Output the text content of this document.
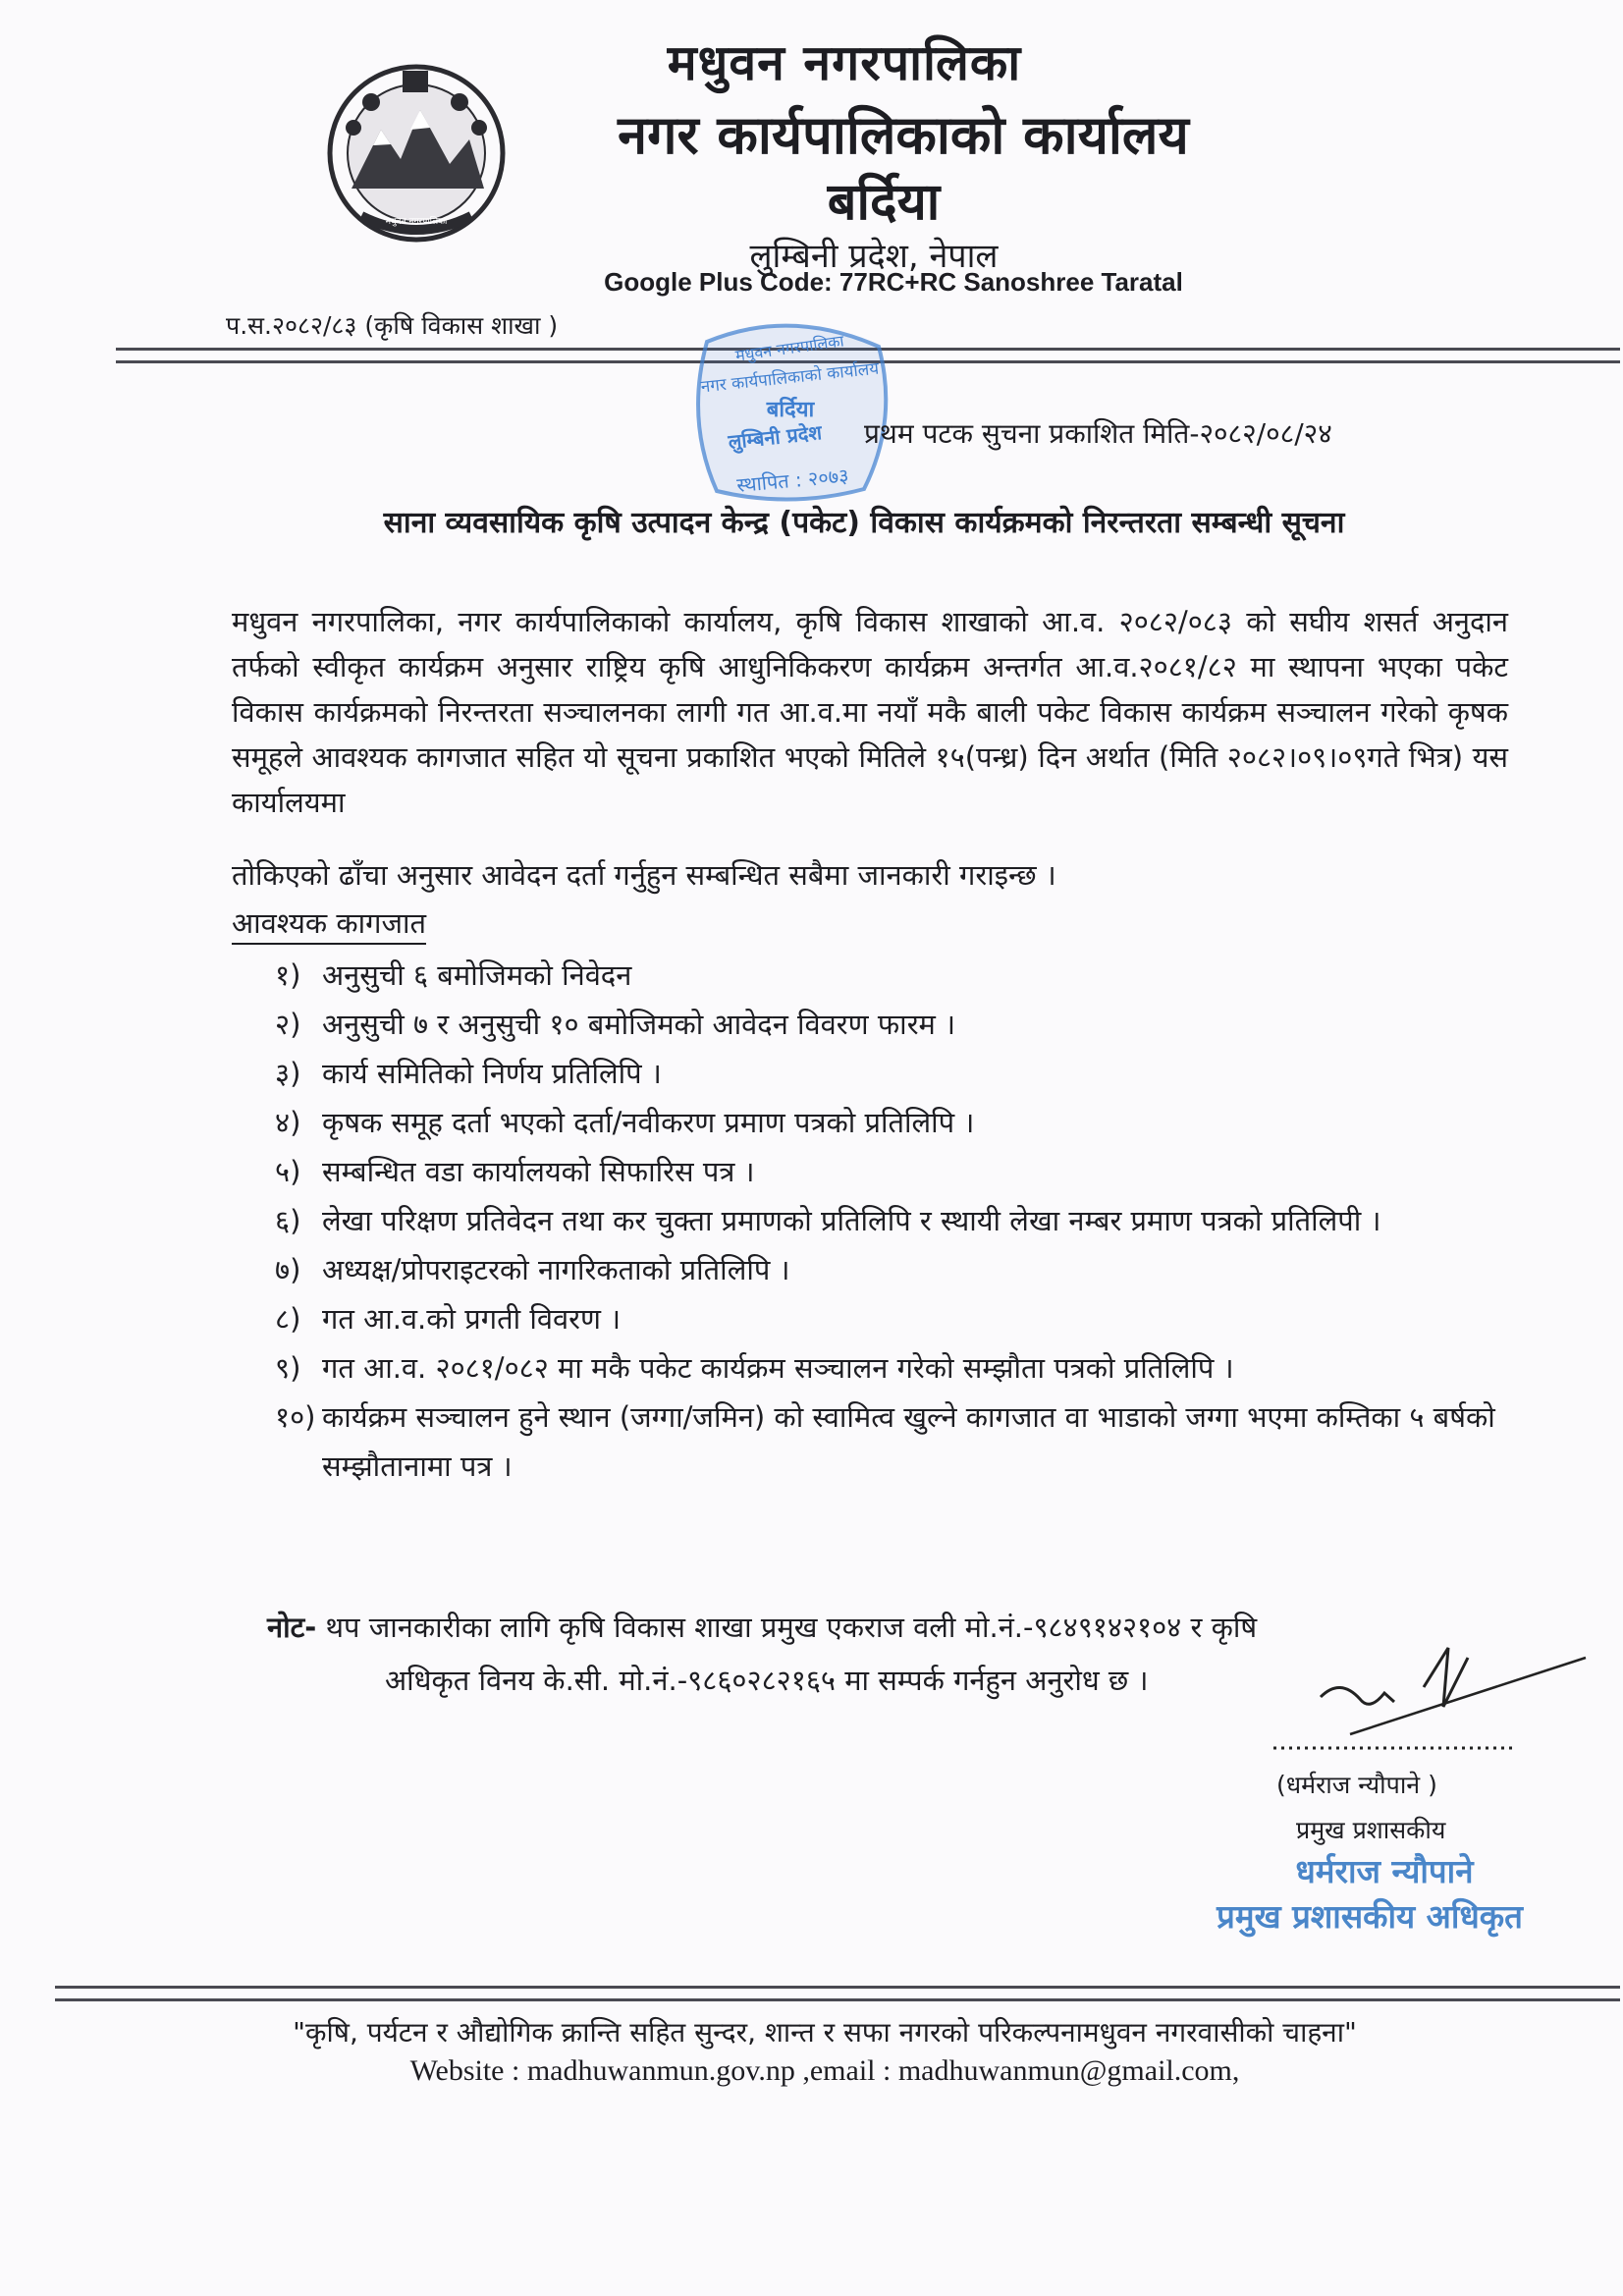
मधुवन नगरपालिका
मधुवन नगरपालिका
नगर कार्यपालिकाको कार्यालय
बर्दिया
लुम्बिनी प्रदेश, नेपाल
Google Plus Code: 77RC+RC Sanoshree Taratal
प.स.२०८२/८३ (कृषि विकास शाखा )
मधुवन नगरपालिका
नगर कार्यपालिकाको कार्यालय
बर्दिया
लुम्बिनी प्रदेश
स्थापित : २०७३
प्रथम पटक सुचना प्रकाशित मिति-२०८२/०८/२४
साना व्यवसायिक कृषि उत्पादन केन्द्र (पकेट) विकास कार्यक्रमको निरन्तरता सम्बन्धी सूचना
मधुवन नगरपालिका, नगर कार्यपालिकाको कार्यालय, कृषि विकास शाखाको आ.व. २०८२/०८३ को सघीय शसर्त अनुदान तर्फको स्वीकृत कार्यक्रम अनुसार राष्ट्रिय कृषि आधुनिकिकरण कार्यक्रम अन्तर्गत आ.व.२०८१/८२ मा स्थापना भएका पकेट विकास कार्यक्रमको निरन्तरता सञ्चालनका लागी गत आ.व.मा नयाँ मकै बाली पकेट विकास कार्यक्रम सञ्चालन गरेको कृषक समूहले आवश्यक कागजात सहित यो सूचना प्रकाशित भएको मितिले १५(पन्ध्र) दिन अर्थात (मिति २०८२।०९।०९गते भित्र) यस कार्यालयमा
तोकिएको ढाँचा अनुसार आवेदन दर्ता गर्नुहुन सम्बन्धित सबैमा जानकारी गराइन्छ ।
आवश्यक कागजात
१) अनुसुची ६ बमोजिमको निवेदन
२) अनुसुची ७ र अनुसुची १० बमोजिमको आवेदन विवरण फारम ।
३) कार्य समितिको निर्णय प्रतिलिपि ।
४) कृषक समूह दर्ता भएको दर्ता/नवीकरण प्रमाण पत्रको प्रतिलिपि ।
५) सम्बन्धित वडा कार्यालयको सिफारिस पत्र ।
६) लेखा परिक्षण प्रतिवेदन तथा कर चुक्ता प्रमाणको प्रतिलिपि र स्थायी लेखा नम्बर प्रमाण पत्रको प्रतिलिपी ।
७) अध्यक्ष/प्रोपराइटरको नागरिकताको प्रतिलिपि ।
८) गत आ.व.को प्रगती विवरण ।
९) गत आ.व. २०८१/०८२ मा मकै पकेट कार्यक्रम सञ्चालन गरेको सम्झौता पत्रको प्रतिलिपि ।
१०) कार्यक्रम सञ्चालन हुने स्थान (जग्गा/जमिन) को स्वामित्व खुल्ने कागजात वा भाडाको जग्गा भएमा कम्तिका ५ बर्षको सम्झौतानामा पत्र ।
नोट- थप जानकारीका लागि कृषि विकास शाखा प्रमुख एकराज वली मो.नं.-९८४९१४२१०४ र कृषि
अधिकृत विनय के.सी. मो.नं.-९८६०२८२१६५ मा सम्पर्क गर्नहुन अनुरोध छ ।
(धर्मराज न्यौपाने )
प्रमुख प्रशासकीय
धर्मराज न्यौपाने
प्रमुख प्रशासकीय अधिकृत
"कृषि, पर्यटन र औद्योगिक क्रान्ति सहित सुन्दर, शान्त र सफा नगरको परिकल्पनामधुवन नगरवासीको चाहना"
Website : madhuwanmun.gov.np ,email : madhuwanmun@gmail.com,
